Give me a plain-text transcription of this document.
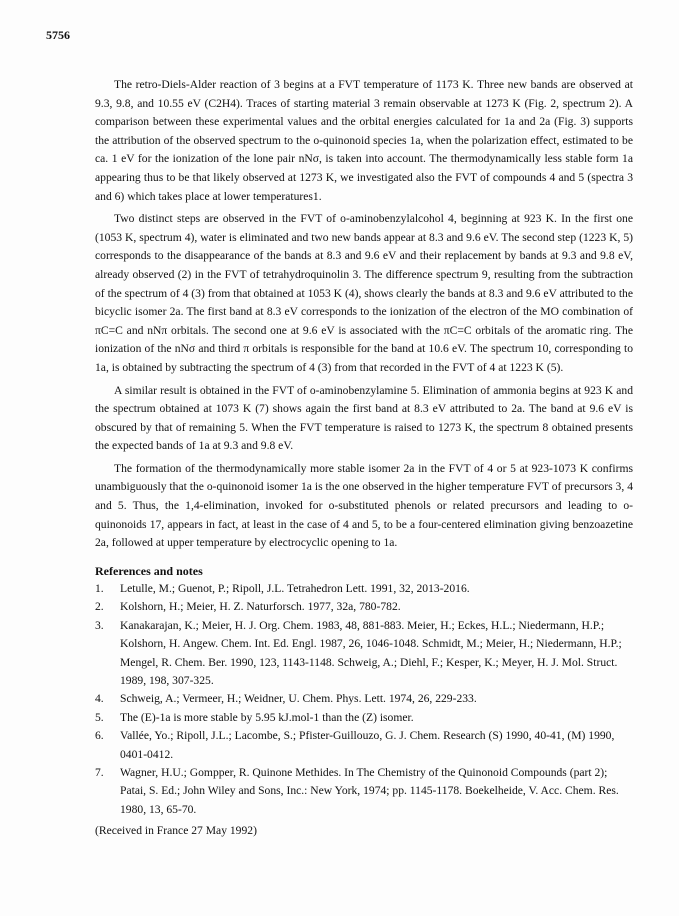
5756

The retro-Diels-Alder reaction of 3 begins at a FVT temperature of 1173 K. Three new bands are observed at 9.3, 9.8, and 10.55 eV (C2H4). Traces of starting material 3 remain observable at 1273 K (Fig. 2, spectrum 2). A comparison between these experimental values and the orbital energies calculated for 1a and 2a (Fig. 3) supports the attribution of the observed spectrum to the o-quinonoid species 1a, when the polarization effect, estimated to be ca. 1 eV for the ionization of the lone pair nNσ, is taken into account. The thermodynamically less stable form 1a appearing thus to be that likely observed at 1273 K, we investigated also the FVT of compounds 4 and 5 (spectra 3 and 6) which takes place at lower temperatures1.

Two distinct steps are observed in the FVT of o-aminobenzylalcohol 4, beginning at 923 K. In the first one (1053 K, spectrum 4), water is eliminated and two new bands appear at 8.3 and 9.6 eV. The second step (1223 K, 5) corresponds to the disappearance of the bands at 8.3 and 9.6 eV and their replacement by bands at 9.3 and 9.8 eV, already observed (2) in the FVT of tetrahydroquinolin 3. The difference spectrum 9, resulting from the subtraction of the spectrum of 4 (3) from that obtained at 1053 K (4), shows clearly the bands at 8.3 and 9.6 eV attributed to the bicyclic isomer 2a. The first band at 8.3 eV corresponds to the ionization of the electron of the MO combination of πC=C and nNπ orbitals. The second one at 9.6 eV is associated with the πC=C orbitals of the aromatic ring. The ionization of the nNσ and third π orbitals is responsible for the band at 10.6 eV. The spectrum 10, corresponding to 1a, is obtained by subtracting the spectrum of 4 (3) from that recorded in the FVT of 4 at 1223 K (5).

A similar result is obtained in the FVT of o-aminobenzylamine 5. Elimination of ammonia begins at 923 K and the spectrum obtained at 1073 K (7) shows again the first band at 8.3 eV attributed to 2a. The band at 9.6 eV is obscured by that of remaining 5. When the FVT temperature is raised to 1273 K, the spectrum 8 obtained presents the expected bands of 1a at 9.3 and 9.8 eV.

The formation of the thermodynamically more stable isomer 2a in the FVT of 4 or 5 at 923-1073 K confirms unambiguously that the o-quinonoid isomer 1a is the one observed in the higher temperature FVT of precursors 3, 4 and 5. Thus, the 1,4-elimination, invoked for o-substituted phenols or related precursors and leading to o-quinonoids 17, appears in fact, at least in the case of 4 and 5, to be a four-centered elimination giving benzoazetine 2a, followed at upper temperature by electrocyclic opening to 1a.

References and notes
1.	Letulle, M.; Guenot, P.; Ripoll, J.L. Tetrahedron Lett. 1991, 32, 2013-2016.
2.	Kolshorn, H.; Meier, H. Z. Naturforsch. 1977, 32a, 780-782.
3.	Kanakarajan, K.; Meier, H. J. Org. Chem. 1983, 48, 881-883. Meier, H.; Eckes, H.L.; Niedermann, H.P.; Kolshorn, H. Angew. Chem. Int. Ed. Engl. 1987, 26, 1046-1048. Schmidt, M.; Meier, H.; Niedermann, H.P.; Mengel, R. Chem. Ber. 1990, 123, 1143-1148. Schweig, A.; Diehl, F.; Kesper, K.; Meyer, H. J. Mol. Struct. 1989, 198, 307-325.
4.	Schweig, A.; Vermeer, H.; Weidner, U. Chem. Phys. Lett. 1974, 26, 229-233.
5.	The (E)-1a is more stable by 5.95 kJ.mol-1 than the (Z) isomer.
6.	Vallée, Yo.; Ripoll, J.L.; Lacombe, S.; Pfister-Guillouzo, G. J. Chem. Research (S) 1990, 40-41, (M) 1990, 0401-0412.
7.	Wagner, H.U.; Gompper, R. Quinone Methides. In The Chemistry of the Quinonoid Compounds (part 2); Patai, S. Ed.; John Wiley and Sons, Inc.: New York, 1974; pp. 1145-1178. Boekelheide, V. Acc. Chem. Res. 1980, 13, 65-70.
(Received in France 27 May 1992)
